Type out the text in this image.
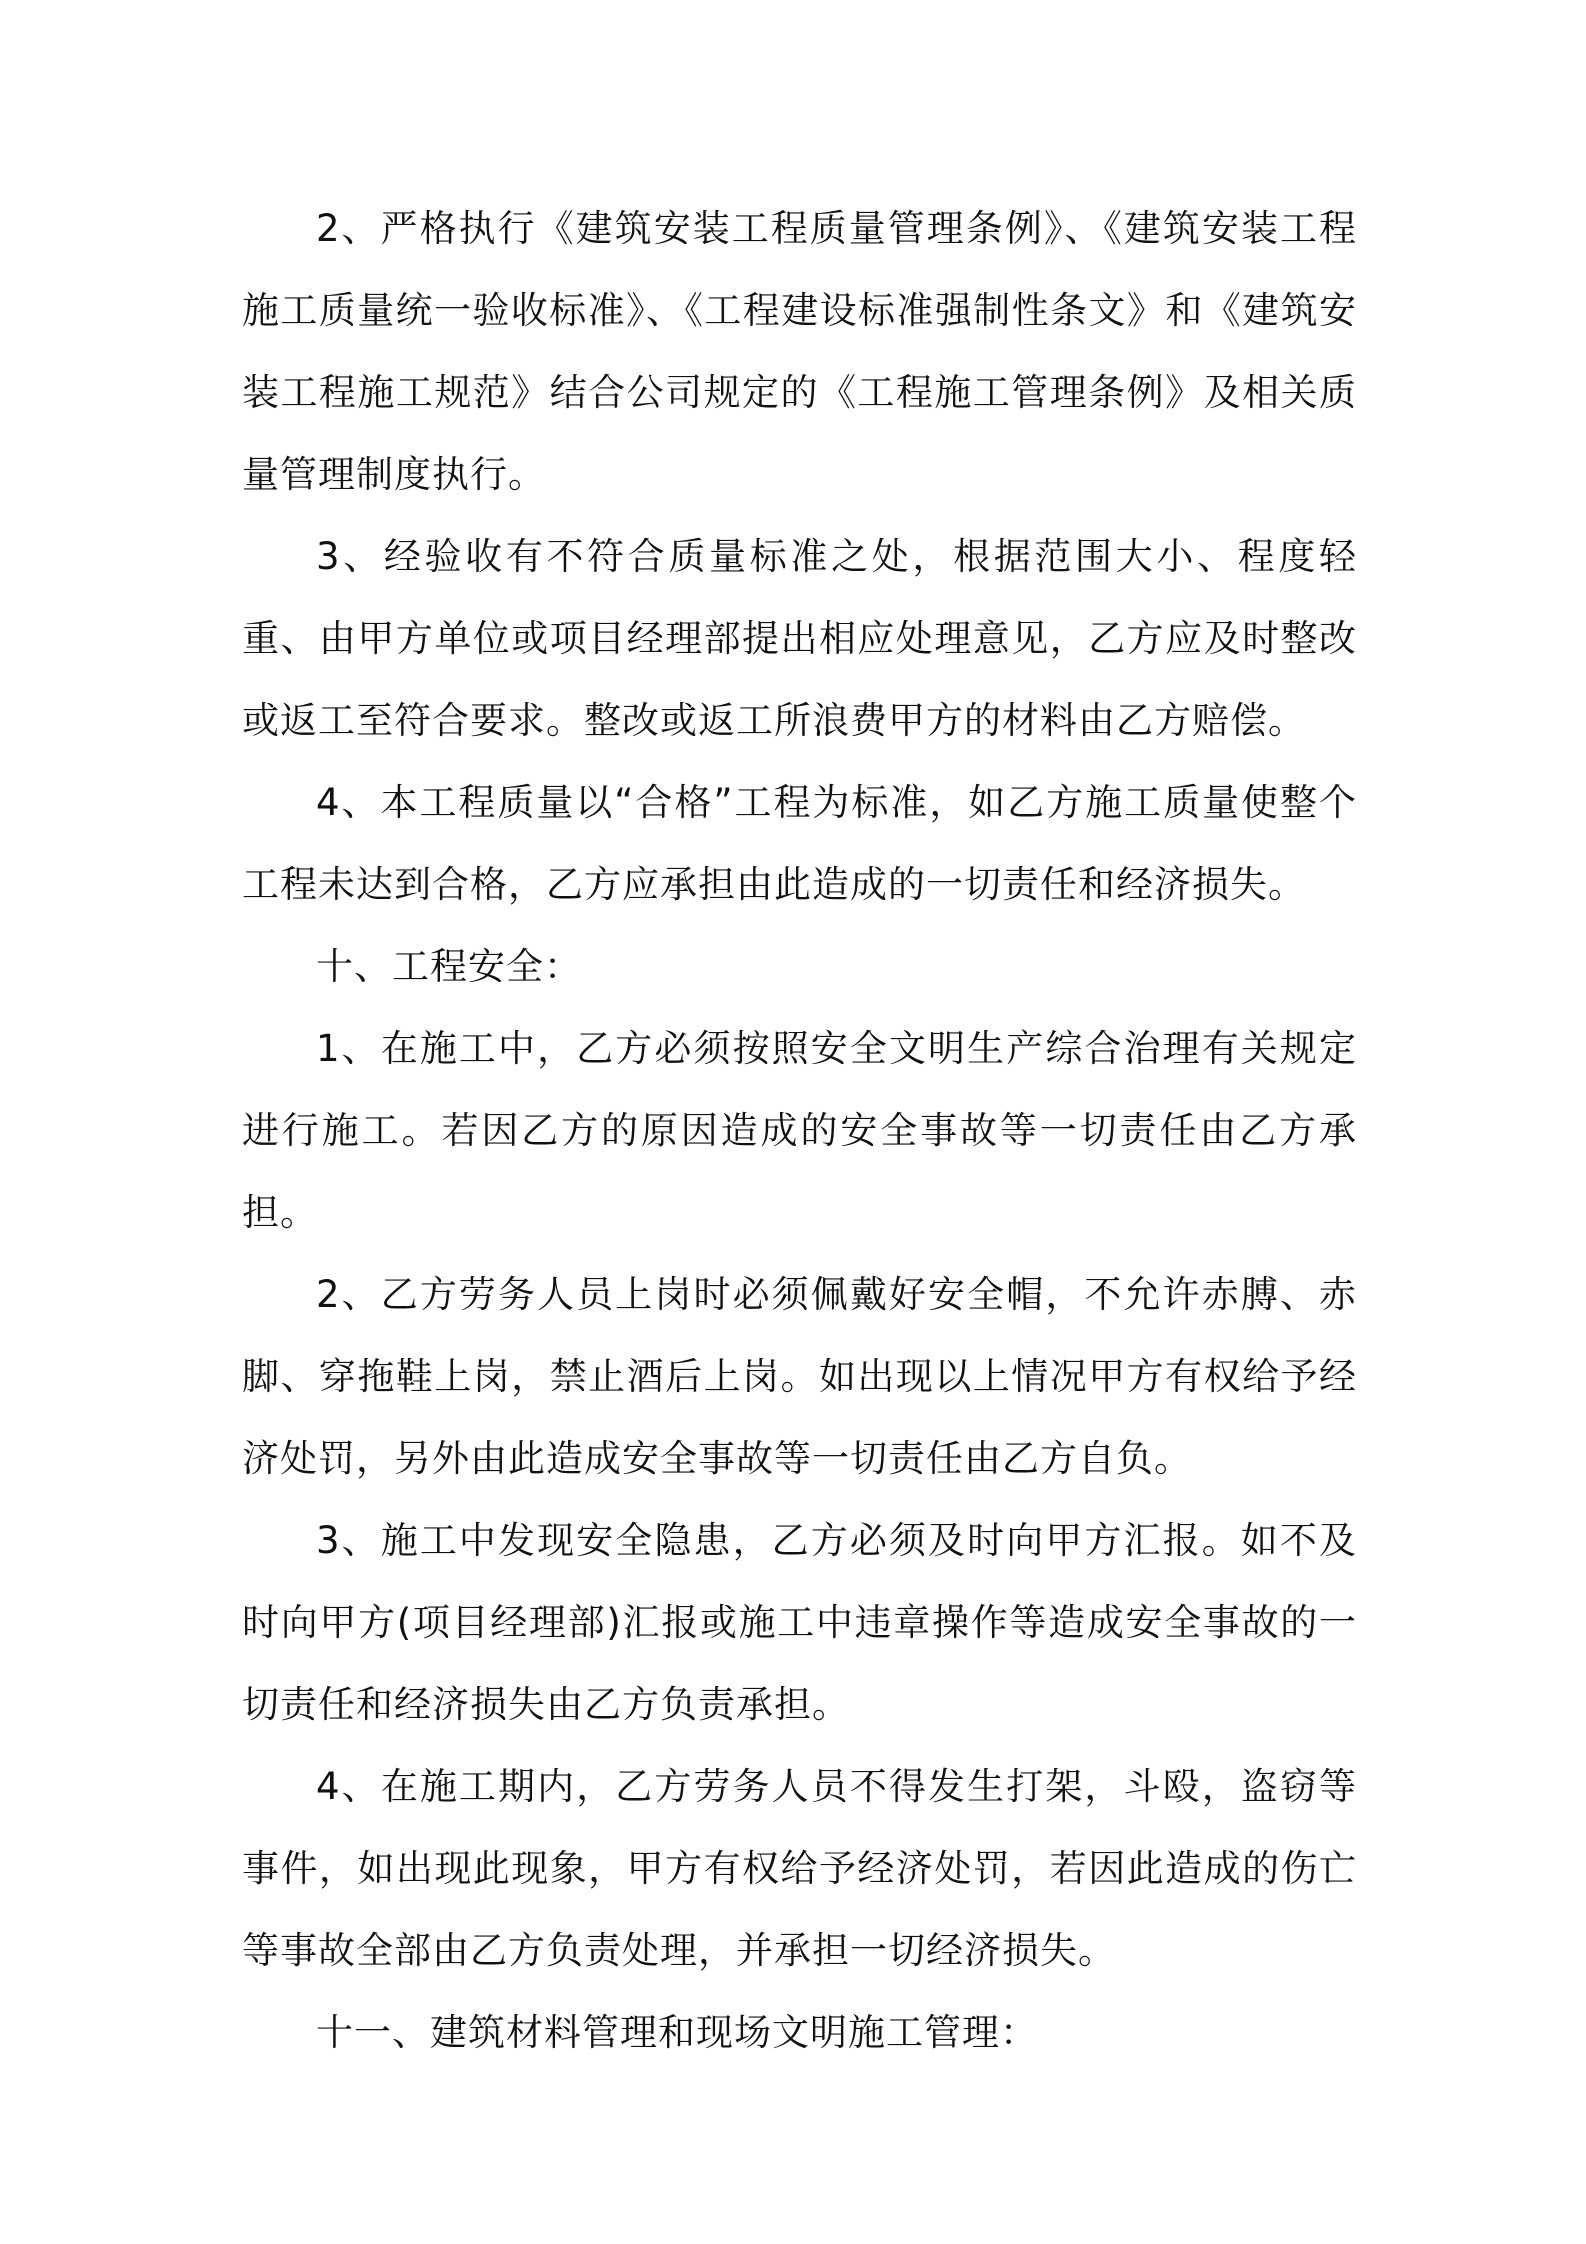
2、严格执行《建筑安装工程质量管理条例》、《建筑安装工程施工质量统一验收标准》、《工程建设标准强制性条文》和《建筑安装工程施工规范》结合公司规定的《工程施工管理条例》及相关质量管理制度执行。

3、经验收有不符合质量标准之处，根据范围大小、程度轻重、由甲方单位或项目经理部提出相应处理意见，乙方应及时整改或返工至符合要求。整改或返工所浪费甲方的材料由乙方赔偿。

4、本工程质量以“合格”工程为标准，如乙方施工质量使整个工程未达到合格，乙方应承担由此造成的一切责任和经济损失。

十、工程安全：

1、在施工中，乙方必须按照安全文明生产综合治理有关规定进行施工。若因乙方的原因造成的安全事故等一切责任由乙方承担。

2、乙方劳务人员上岗时必须佩戴好安全帽，不允许赤膊、赤脚、穿拖鞋上岗，禁止酒后上岗。如出现以上情况甲方有权给予经济处罚，另外由此造成安全事故等一切责任由乙方自负。

3、施工中发现安全隐患，乙方必须及时向甲方汇报。如不及时向甲方(项目经理部)汇报或施工中违章操作等造成安全事故的一切责任和经济损失由乙方负责承担。

4、在施工期内，乙方劳务人员不得发生打架，斗殴，盗窃等事件，如出现此现象，甲方有权给予经济处罚，若因此造成的伤亡等事故全部由乙方负责处理，并承担一切经济损失。

十一、建筑材料管理和现场文明施工管理：
